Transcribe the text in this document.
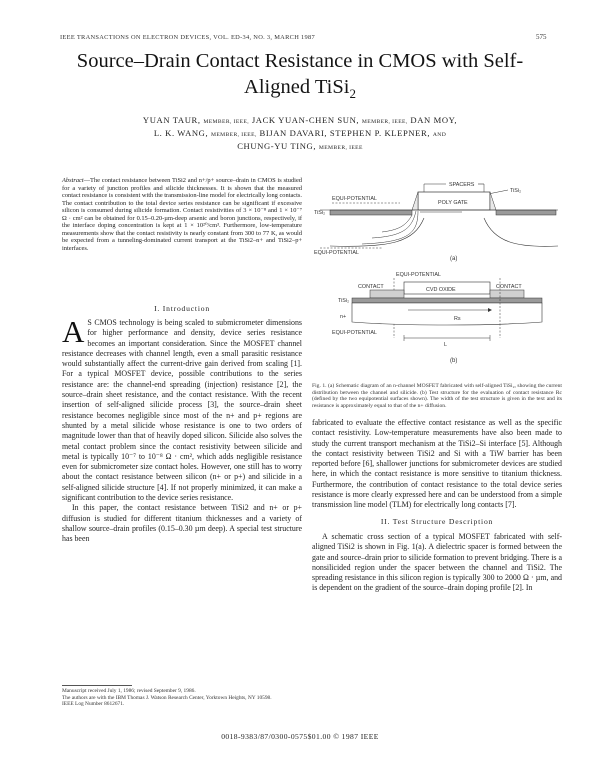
IEEE TRANSACTIONS ON ELECTRON DEVICES, VOL. ED-34, NO. 3, MARCH 1987	575
Source–Drain Contact Resistance in CMOS with Self-
Aligned TiSi$_2$
YUAN TAUR, MEMBER, IEEE, JACK YUAN-CHEN SUN, MEMBER, IEEE, DAN MOY,
L. K. WANG, MEMBER, IEEE, BIJAN DAVARI, STEPHEN P. KLEPNER, AND
CHUNG-YU TING, MEMBER, IEEE
Abstract—The contact resistance between TiSi2 and n+/p+ source–drain in CMOS is studied for a variety of junction profiles and silicide thicknesses. It is shown that the measured contact resistance is consistent with the transmission-line model for electrically long contacts. The contact contribution to the total device series resistance can be significant if excessive silicon is consumed during silicide formation. Contact resistivities of 3 × 10⁻⁸ and 1 × 10⁻⁷ Ω · cm² can be obtained for 0.15–0.20-µm-deep arsenic and boron junctions, respectively, if the interface doping concentration is kept at 1 × 10²⁰/cm³. Furthermore, low-temperature measurements show that the contact resistivity is nearly constant from 300 to 77 K, as would be expected from a tunneling-dominated current transport at the TiSi2–n+ and TiSi2–p+ interfaces.
I. Introduction

A S CMOS technology is being scaled to submicrometer dimensions for higher performance and density, device series resistance becomes an important consideration. Since the MOSFET channel resistance decreases with channel length, even a small parasitic resistance would substantially affect the current-drive gain derived from scaling [1]. For a typical MOSFET device, possible contributions to the series resistance are: the channel-end spreading (injection) resistance [2], the source–drain sheet resistance, and the contact resistance. With the recent insertion of self-aligned silicide process [3], the source–drain sheet resistance becomes negligible since most of the n+ and p+ regions are shunted by a metal silicide whose resistance is one to two orders of magnitude lower than that of heavily doped silicon. Silicide also solves the metal contact problem since the contact resistivity between silicide and metal is typically 10⁻⁷ to 10⁻⁸ Ω · cm², which adds negligible resistance even for submicrometer size contact holes. However, one still has to worry about the contact resistance between silicon (n+ or p+) and silicide in a self-aligned silicide structure [4]. If not properly minimized, it can make a significant contribution to the device series resistance.

In this paper, the contact resistance between TiSi2 and n+ or p+ diffusion is studied for different titanium thicknesses and a variety of shallow source–drain profiles (0.15–0.30 µm deep). A special test structure has been

Manuscript received July 1, 1986; revised September 9, 1986.
The authors are with the IBM Thomas J. Watson Research Center, Yorktown Heights, NY 10598.
IEEE Log Number 8612671.
SPACERS
TiSi₂
POLY GATE
TiSi₂
EQUI-POTENTIAL
EQUI-POTENTIAL
(a)
EQUI-POTENTIAL
CONTACT	CONTACT
CVD OXIDE
TiSi₂
n+	Rs
EQUI-POTENTIAL
L
(b)
Fig. 1. (a) Schematic diagram of an n-channel MOSFET fabricated with self-aligned TiSi₂, showing the current distribution between the channel and silicide. (b) Test structure for the evaluation of contact resistance Rc (defined by the two equipotential surfaces shown). The width of the test structure is given in the text and its resistance is approximately equal to that of the n+ diffusion.

fabricated to evaluate the effective contact resistance as well as the specific contact resistivity. Low-temperature measurements have also been made to study the current transport mechanism at the TiSi2–Si interface [5]. Although the contact resistivity between TiSi2 and Si with a TiW barrier has been reported before [6], shallower junctions for submicrometer devices are studied here, in which the contact resistance is more sensitive to titanium thickness. Furthermore, the contribution of contact resistance to the total device series resistance is more clearly expressed here and can be understood from a simple transmission line model (TLM) for electrically long contacts [7].

II. Test Structure Description

A schematic cross section of a typical MOSFET fabricated with self-aligned TiSi2 is shown in Fig. 1(a). A dielectric spacer is formed between the gate and source–drain prior to silicide formation to prevent bridging. There is a nonsilicided region under the spacer between the channel and TiSi2. The spreading resistance in this silicon region is typically 300 to 2000 Ω · µm, and is dependent on the gradient of the source–drain doping profile [2]. In

0018-9383/87/0300-0575$01.00 © 1987 IEEE
